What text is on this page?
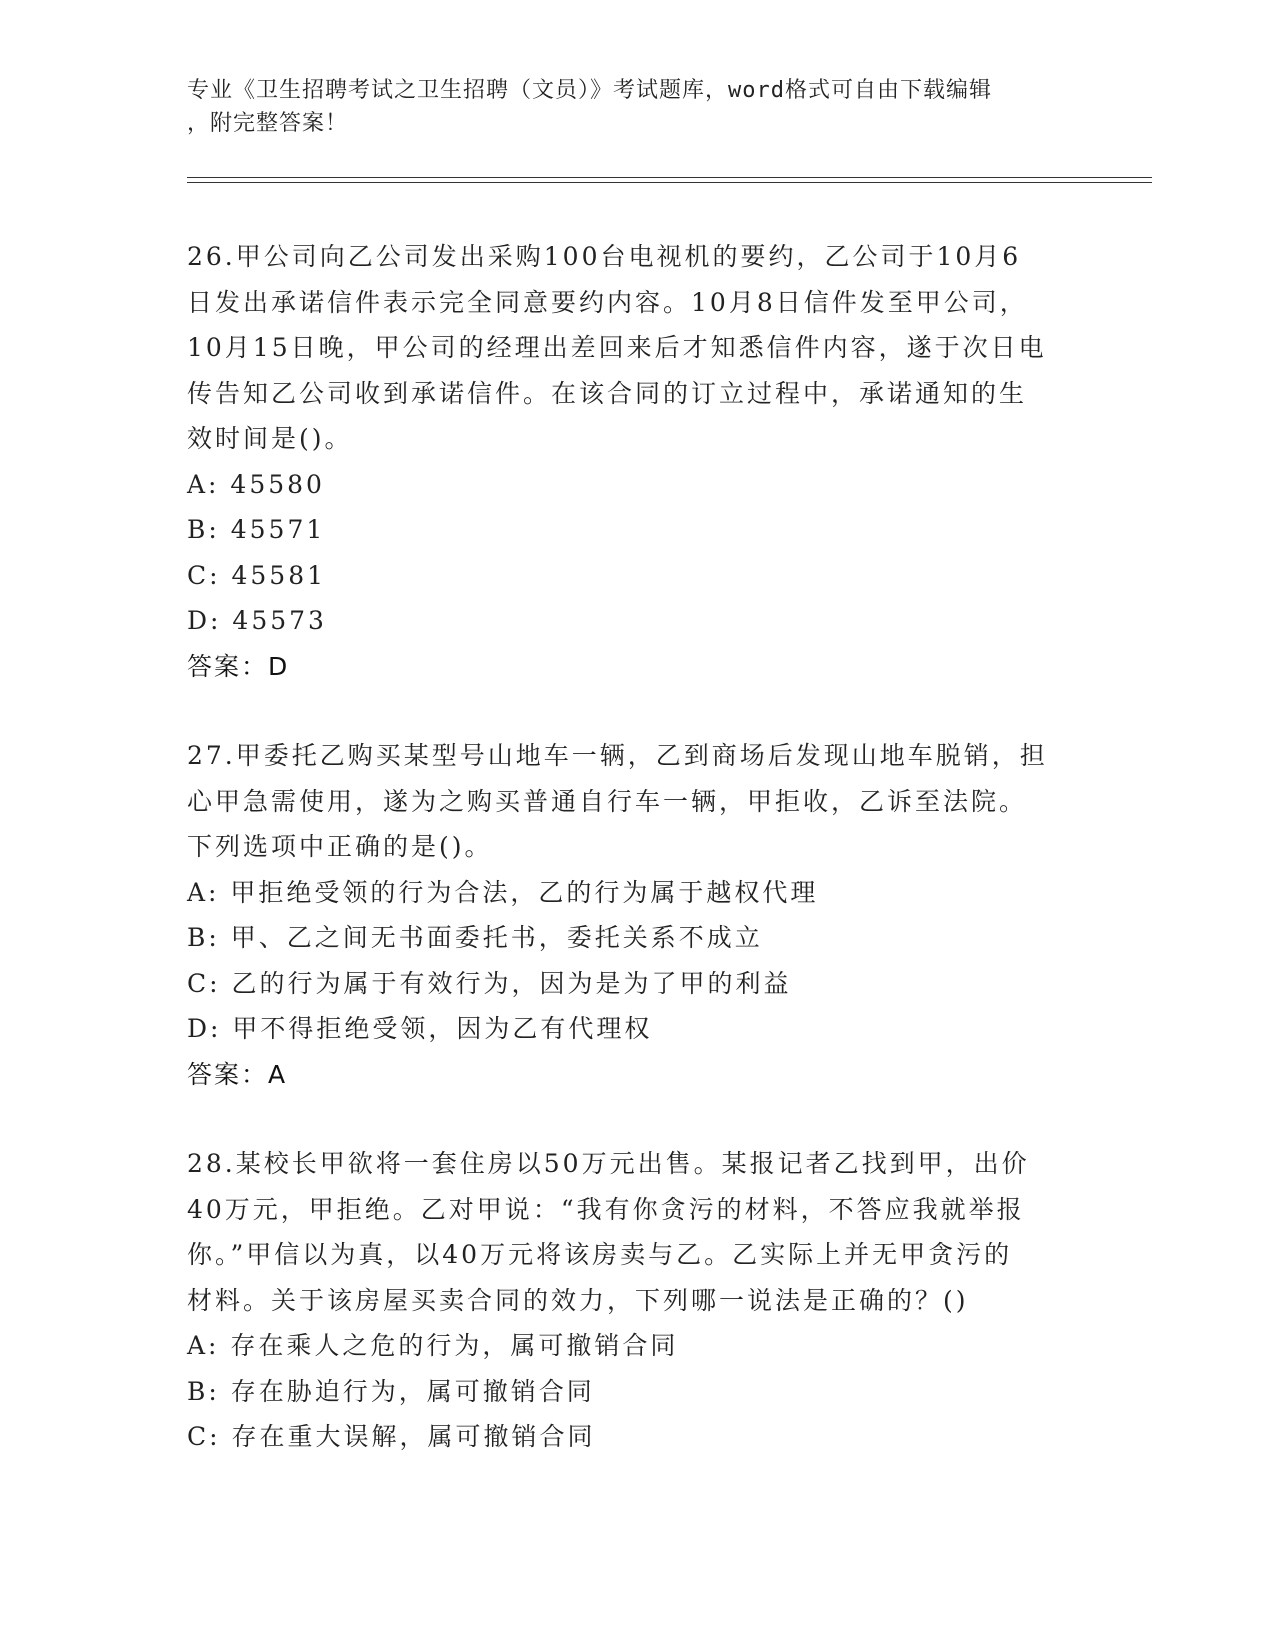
专业《卫生招聘考试之卫生招聘（文员）》考试题库，word格式可自由下载编辑
，附完整答案！

26.甲公司向乙公司发出采购100台电视机的要约，乙公司于10月6
日发出承诺信件表示完全同意要约内容。10月8日信件发至甲公司，
10月15日晚，甲公司的经理出差回来后才知悉信件内容，遂于次日电
传告知乙公司收到承诺信件。在该合同的订立过程中，承诺通知的生
效时间是()。

A: 45580

B: 45571

C: 45581

D: 45573

答案：D

27.甲委托乙购买某型号山地车一辆，乙到商场后发现山地车脱销，担
心甲急需使用，遂为之购买普通自行车一辆，甲拒收，乙诉至法院。
下列选项中正确的是()。

A: 甲拒绝受领的行为合法，乙的行为属于越权代理

B: 甲、乙之间无书面委托书，委托关系不成立

C: 乙的行为属于有效行为，因为是为了甲的利益

D: 甲不得拒绝受领，因为乙有代理权

答案：A

28.某校长甲欲将一套住房以50万元出售。某报记者乙找到甲，出价
40万元，甲拒绝。乙对甲说：“我有你贪污的材料，不答应我就举报
你。”甲信以为真，以40万元将该房卖与乙。乙实际上并无甲贪污的
材料。关于该房屋买卖合同的效力，下列哪一说法是正确的？()

A: 存在乘人之危的行为，属可撤销合同

B: 存在胁迫行为，属可撤销合同

C: 存在重大误解，属可撤销合同
